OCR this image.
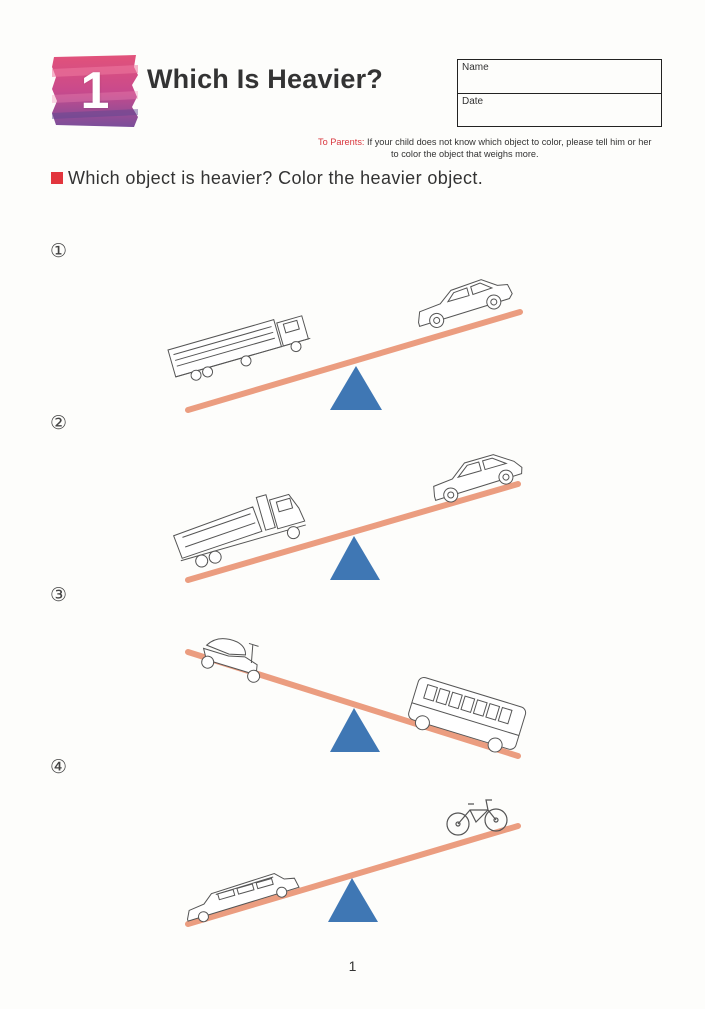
1	Which Is Heavier?	Name
Date
To Parents: If your child does not know which object to color, please tell him or her
to color the object that weighs more.
Which object is heavier? Color the heavier object.
①
②
③
④
1
